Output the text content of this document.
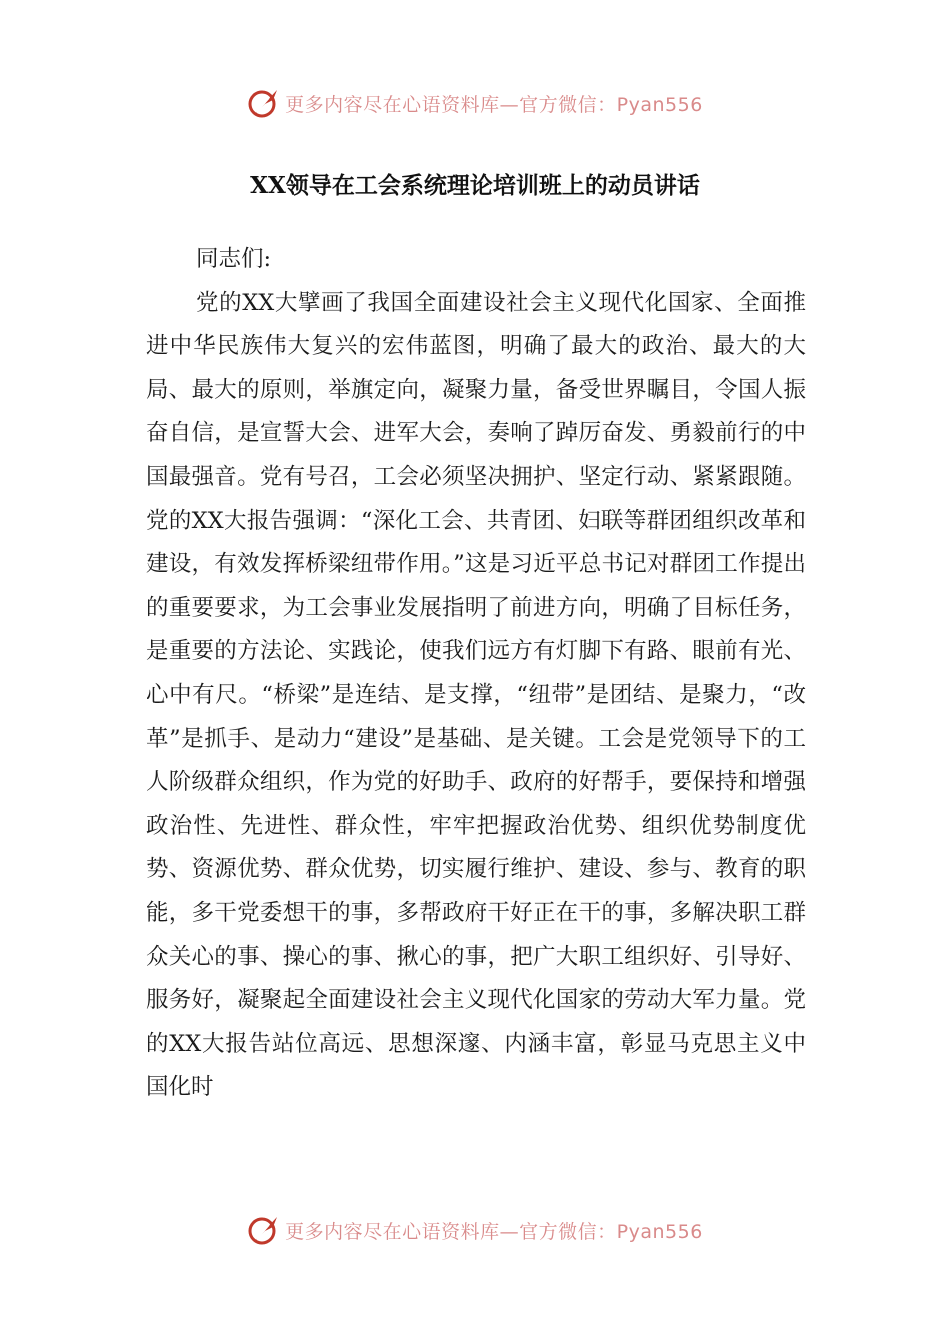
更多内容尽在心语资料库—官方微信：Pyan556
XX领导在工会系统理论培训班上的动员讲话

同志们:

党的XX大擘画了我国全面建设社会主义现代化国家、全面推进中华民族伟大复兴的宏伟蓝图，明确了最大的政治、最大的大局、最大的原则，举旗定向，凝聚力量，备受世界瞩目，令国人振奋自信，是宣誓大会、进军大会，奏响了踔厉奋发、勇毅前行的中国最强音。党有号召，工会必须坚决拥护、坚定行动、紧紧跟随。党的XX大报告强调：“深化工会、共青团、妇联等群团组织改革和建设，有效发挥桥梁纽带作用。”这是习近平总书记对群团工作提出的重要要求，为工会事业发展指明了前进方向，明确了目标任务，是重要的方法论、实践论，使我们远方有灯脚下有路、眼前有光、心中有尺。“桥梁”是连结、是支撑，“纽带”是团结、是聚力，“改革”是抓手、是动力“建设”是基础、是关键。工会是党领导下的工人阶级群众组织，作为党的好助手、政府的好帮手，要保持和增强政治性、先进性、群众性，牢牢把握政治优势、组织优势制度优势、资源优势、群众优势，切实履行维护、建设、参与、教育的职能，多干党委想干的事，多帮政府干好正在干的事，多解决职工群众关心的事、操心的事、揪心的事，把广大职工组织好、引导好、服务好，凝聚起全面建设社会主义现代化国家的劳动大军力量。党的XX大报告站位高远、思想深邃、内涵丰富，彰显马克思主义中国化时

更多内容尽在心语资料库—官方微信：Pyan556
